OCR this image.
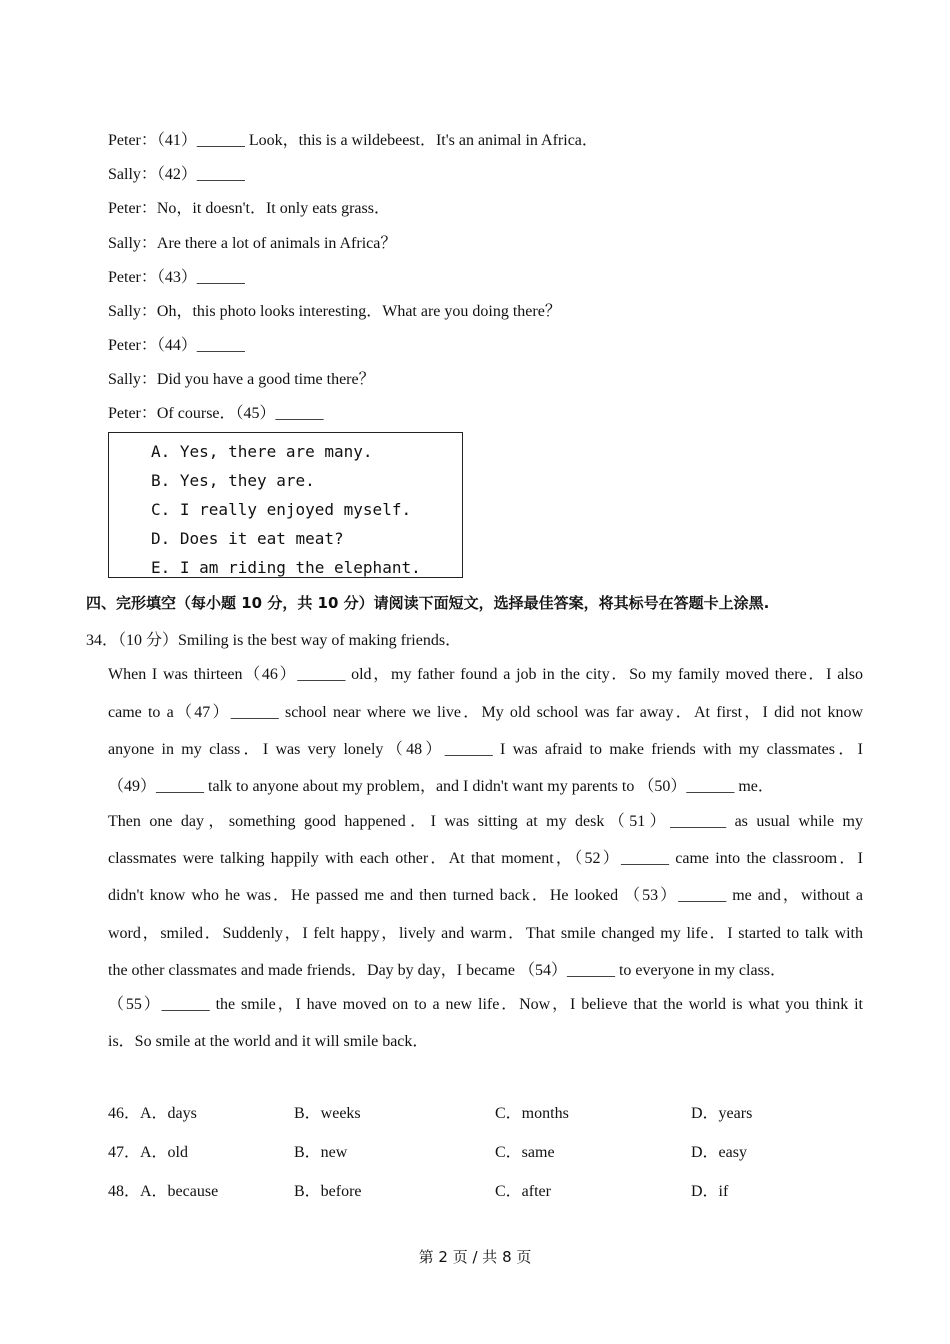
Peter：（41）______ Look，this is a wildebeest．It's an animal in Africa．
Sally：（42）______
Peter：No，it doesn't．It only eats grass．
Sally：Are there a lot of animals in Africa？
Peter：（43）______
Sally：Oh，this photo looks interesting．What are you doing there？
Peter：（44）______
Sally：Did you have a good time there？
Peter：Of course．（45）______
A. Yes, there are many.
B. Yes, they are.
C. I really enjoyed myself.
D. Does it eat meat?
E. I am riding the elephant.
四、完形填空（每小题 10 分，共 10 分）请阅读下面短文，选择最佳答案，将其标号在答题卡上涂黑.
34．（10 分）Smiling is the best way of making friends．
When I was thirteen（46）______ old，my father found a job in the city．So my family moved there．I also
came to a（47）______ school near where we live．My old school was far away．At first，I did not know
anyone in my class．I was very lonely（48）______ I was afraid to make friends with my classmates．I
（49）______ talk to anyone about my problem，and I didn't want my parents to （50）______ me．
Then one day，something good happened．I was sitting at my desk（51）_______ as usual while my
classmates were talking happily with each other．At that moment，（52）______ came into the classroom．I
didn't know who he was．He passed me and then turned back．He looked （53）______ me and，without a
word，smiled．Suddenly，I felt happy，lively and warm．That smile changed my life．I started to talk with
the other classmates and made friends．Day by day，I became （54）______ to everyone in my class．
（55）______ the smile，I have moved on to a new life．Now，I believe that the world is what you think it
is．So smile at the world and it will smile back．
46．A．days	B．weeks	C．months	D．years
47．A．old	B．new	C．same	D．easy
48．A．because	B．before	C．after	D．if
第 2 页 / 共 8 页
